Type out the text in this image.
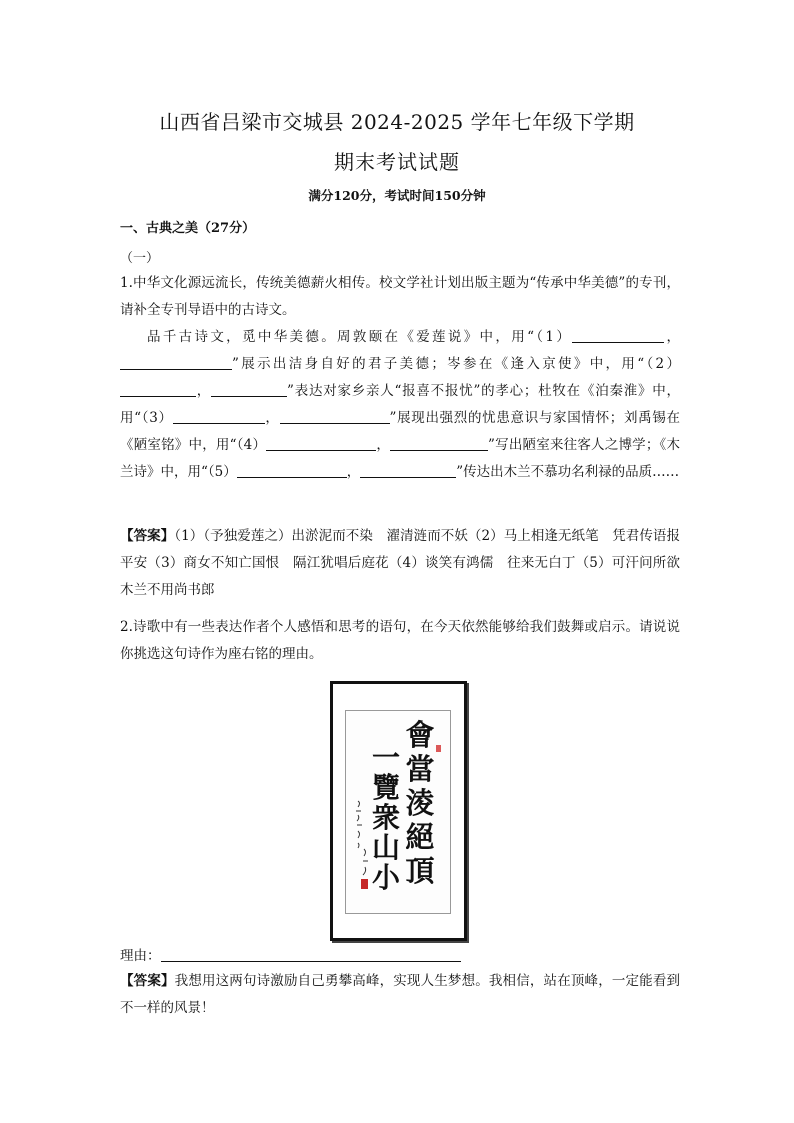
山西省吕梁市交城县 2024-2025 学年七年级下学期
期末考试试题
满分120分，考试时间150分钟
一、古典之美（27分）
（一）

1.中华文化源远流长，传统美德薪火相传。校文学社计划出版主题为“传承中华美德”的专刊，请补全专刊导语中的古诗文。

品千古诗文，觅中华美德。周敦颐在《爱莲说》中，用“（1）	，”展示出洁身自好的君子美德；岑参在《逢入京使》中，用“（2），	”表达对家乡亲人“报喜不报忧”的孝心；杜牧在《泊秦淮》中，用“（3）	，	”展现出强烈的忧患意识与家国情怀；刘禹锡在《陋室铭》中，用“（4）	，	”写出陋室来往客人之博学；《木兰诗》中，用“（5）	，	”传达出木兰不慕功名利禄的品质……

【答案】（1）（予独爱莲之）出淤泥而不染　濯清涟而不妖（2）马上相逢无纸笔　凭君传语报平安（3）商女不知亡国恨　隔江犹唱后庭花（4）谈笑有鸿儒　往来无白丁（5）可汗问所欲　木兰不用尚书郎

2.诗歌中有一些表达作者个人感悟和思考的语句，在今天依然能够给我们鼓舞或启示。请说说你挑选这句诗作为座右铭的理由。

會當淩絕頂
一覽衆山小
理由：

【答案】我想用这两句诗激励自己勇攀高峰，实现人生梦想。我相信，站在顶峰，一定能看到不一样的风景！
